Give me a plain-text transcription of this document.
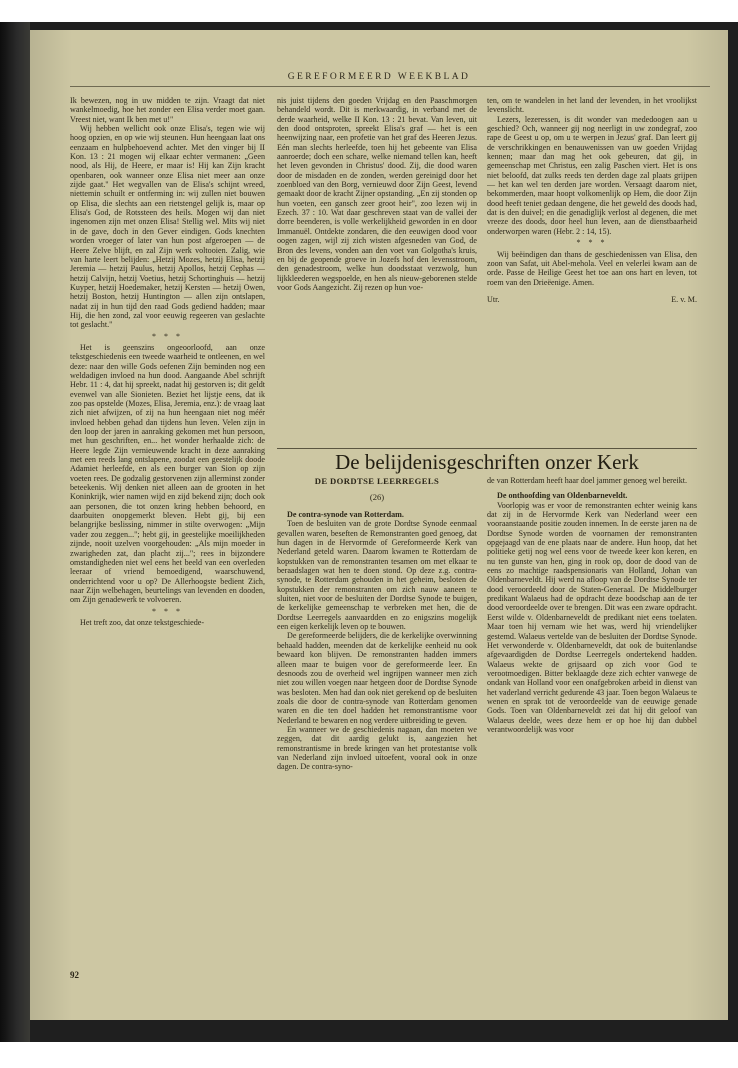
GEREFORMEERD WEEKBLAD

Ik bewezen, nog in uw midden te zijn. Vraagt dat niet wankelmoedig, hoe het zonder een Elisa verder moet gaan. Vreest niet, want Ik ben met u!"

Wij hebben wellicht ook onze Elisa's, tegen wie wij hoog opzien, en op wie wij steunen. Hun heengaan laat ons eenzaam en hulpbehoevend achter. Met den vinger bij II Kon. 13 : 21 mogen wij elkaar echter vermanen: „Geen nood, als Hij, de Heere, er maar is! Hij kan Zijn kracht openbaren, ook wanneer onze Elisa niet meer aan onze zijde gaat." Het wegvallen van de Elisa's schijnt wreed, niettemin schuilt er ontferming in: wij zullen niet bouwen op Elisa, die slechts aan een rietstengel gelijk is, maar op Elisa's God, de Rotssteen des heils. Mogen wij dan niet ingenomen zijn met onzen Elisa! Stellig wel. Mits wij niet in de gave, doch in den Gever eindigen. Gods knechten worden vroeger of later van hun post afgeroepen — de Heere Zelve blijft, en zal Zijn werk voltooien. Zalig, wie van harte leert belijden: „Hetzij Mozes, hetzij Elisa, hetzij Jeremia — hetzij Paulus, hetzij Apollos, hetzij Cephas — hetzij Calvijn, hetzij Voetius, hetzij Schortinghuis — hetzij Kuyper, hetzij Hoedemaker, hetzij Kersten — hetzij Owen, hetzij Boston, hetzij Huntington — allen zijn ontslapen, nadat zij in hun tijd den raad Gods gediend hadden; maar Hij, die hen zond, zal voor eeuwig regeeren van geslachte tot geslacht."

* * *

Het is geenszins ongeoorloofd, aan onze tekstgeschiedenis een tweede waarheid te ontleenen, en wel deze: naar den wille Gods oefenen Zijn beminden nog een weldadigen invloed na hun dood. Aangaande Abel schrijft Hebr. 11 : 4, dat hij spreekt, nadat hij gestorven is; dit geldt evenwel van alle Sionieten. Beziet het lijstje eens, dat ik zoo pas opstelde (Mozes, Elisa, Jeremia, enz.): de vraag laat zich niet afwijzen, of zij na hun heengaan niet nog méér invloed hebben gehad dan tijdens hun leven. Velen zijn in den loop der jaren in aanraking gekomen met hun persoon, met hun geschriften, en... het wonder herhaalde zich: de Heere legde Zijn vernieuwende kracht in deze aanraking met een reeds lang ontslapene, zoodat een geestelijk doode Adamiet herleefde, en als een burger van Sion op zijn voeten rees. De godzalig gestorvenen zijn allerminst zonder beteekenis. Wij denken niet alleen aan de grooten in het Koninkrijk, wier namen wijd en zijd bekend zijn; doch ook aan personen, die tot onzen kring hebben behoord, en daarbuiten onopgemerkt bleven. Hebt gij, bij een belangrijke beslissing, nimmer in stilte overwogen: „Mijn vader zou zeggen..."; hebt gij, in geestelijke moeilijkheden zijnde, nooit uzelven voorgehouden: „Als mijn moeder in zwarigheden zat, dan placht zij..."; rees in bijzondere omstandigheden niet wel eens het beeld van een overleden leeraar of vriend bemoedigend, waarschuwend, onderrichtend voor u op? De Allerhoogste bedient Zich, naar Zijn welbehagen, beurtelings van levenden en dooden, om Zijn genadewerk te volvoeren.

* * *

Het treft zoo, dat onze tekstgeschiede-

nis juist tijdens den goeden Vrijdag en den Paaschmorgen behandeld wordt. Dit is merkwaardig, in verband met de derde waarheid, welke II Kon. 13 : 21 bevat. Van leven, uit den dood ontsproten, spreekt Elisa's graf — het is een heenwijzing naar, een profetie van het graf des Heeren Jezus. Eén man slechts herleefde, toen hij het gebeente van Elisa aanroerde; doch een schare, welke niemand tellen kan, heeft het leven gevonden in Christus' dood. Zij, die dood waren door de misdaden en de zonden, werden gereinigd door het zoenbloed van den Borg, vernieuwd door Zijn Geest, levend gemaakt door de kracht Zijner opstanding. „En zij stonden op hun voeten, een gansch zeer groot heir", zoo lezen wij in Ezech. 37 : 10. Wat daar geschreven staat van de vallei der dorre beenderen, is volle werkelijkheid geworden in en door Immanuël. Ontdekte zondaren, die den eeuwigen dood voor oogen zagen, wijl zij zich wisten afgesneden van God, de Bron des levens, vonden aan den voet van Golgotha's kruis, en bij de geopende groeve in Jozefs hof den levensstroom, den genadestroom, welke hun doodsstaat verzwolg, hun lijkkleederen wegspoelde, en hen als nieuw-geborenen stelde voor Gods Aangezicht. Zij rezen op hun voe-

ten, om te wandelen in het land der levenden, in het vroolijkst levenslicht.

Lezers, lezeressen, is dit wonder van mededoogen aan u geschied? Och, wanneer gij nog neerligt in uw zondegraf, zoo rape de Geest u op, om u te werpen in Jezus' graf. Dan leert gij de verschrikkingen en benauwenissen van uw goeden Vrijdag kennen; maar dan mag het ook gebeuren, dat gij, in gemeenschap met Christus, een zalig Paschen viert. Het is ons niet beloofd, dat zulks reeds ten derden dage zal plaats grijpen — het kan wel ten derden jare worden. Versaagt daarom niet, bekommerden, maar hoopt volkomenlijk op Hem, die door Zijn dood heeft teniet gedaan dengene, die het geweld des doods had, dat is den duivel; en die genadiglijk verlost al degenen, die met vreeze des doods, door heel hun leven, aan de dienstbaarheid onderworpen waren (Hebr. 2 : 14, 15).

* * *

Wij beëindigen dan thans de geschiedenissen van Elisa, den zoon van Safat, uit Abel-mehola. Veel en velerlei kwam aan de orde. Passe de Heilige Geest het toe aan ons hart en leven, tot roem van den Drieëenige. Amen.

Utr.	E. v. M.
De belijdenisgeschriften onzer Kerk
DE DORDTSE LEERREGELS
(26)

De contra-synode van Rotterdam.

Toen de besluiten van de grote Dordtse Synode eenmaal gevallen waren, beseften de Remonstranten goed genoeg, dat hun dagen in de Hervormde of Gereformeerde Kerk van Nederland geteld waren. Daarom kwamen te Rotterdam de kopstukken van de remonstranten tesamen om met elkaar te beraadslagen wat hen te doen stond. Op deze z.g. contra-synode, te Rotterdam gehouden in het geheim, besloten de kopstukken der remonstranten om zich nauw aaneen te sluiten, niet voor de besluiten der Dordtse Synode te buigen, de kerkelijke gemeenschap te verbreken met hen, die de Dordtse Leerregels aanvaardden en zo enigszins mogelijk een eigen kerkelijk leven op te bouwen.

De gereformeerde belijders, die de kerkelijke overwinning behaald hadden, meenden dat de kerkelijke eenheid nu ook bewaard kon blijven. De remonstranten hadden immers alleen maar te buigen voor de gereformeerde leer. En desnoods zou de overheid wel ingrijpen wanneer men zich niet zou willen voegen naar hetgeen door de Dordtse Synode was besloten. Men had dan ook niet gerekend op de besluiten zoals die door de contra-synode van Rotterdam genomen waren en die ten doel hadden het remonstrantisme voor Nederland te bewaren en nog verdere uitbreiding te geven.

En wanneer we de geschiedenis nagaan, dan moeten we zeggen, dat dit aardig gelukt is, aangezien het remonstrantisme in brede kringen van het protestantse volk van Nederland zijn invloed uitoefent, vooral ook in onze dagen. De contra-syno-

de van Rotterdam heeft haar doel jammer genoeg wel bereikt.

De onthoofding van Oldenbarneveldt.

Voorlopig was er voor de remonstranten echter weinig kans dat zij in de Hervormde Kerk van Nederland weer een vooraanstaande positie zouden innemen. In de eerste jaren na de Dordtse Synode worden de voornamen der remonstranten opgejaagd van de ene plaats naar de andere. Hun hoop, dat het politieke getij nog wel eens voor de tweede keer kon keren, en nu ten gunste van hen, ging in rook op, door de dood van de eens zo machtige raadspensionaris van Holland, Johan van Oldenbarneveldt. Hij werd na afloop van de Dordtse Synode ter dood veroordeeld door de Staten-Generaal. De Middelburger predikant Walaeus had de opdracht deze boodschap aan de ter dood veroordeelde over te brengen. Dit was een zware opdracht. Eerst wilde v. Oldenbarneveldt de predikant niet eens toelaten. Maar toen hij vernam wie het was, werd hij vriendelijker gestemd. Walaeus vertelde van de besluiten der Dordtse Synode. Het verwonderde v. Oldenbarneveldt, dat ook de buitenlandse afgevaardigden de Dordtse Leerregels ondertekend hadden. Walaeus wekte de grijsaard op zich voor God te verootmoedigen. Bitter beklaagde deze zich echter vanwege de ondank van Holland voor een onafgebroken arbeid in dienst van het vaderland verricht gedurende 43 jaar. Toen begon Walaeus te wenen en sprak tot de veroordeelde van de eeuwige genade Gods. Toen van Oldenbarneveldt zei dat hij dit geloof van Walaeus deelde, wees deze hem er op hoe hij dan dubbel verantwoordelijk was voor

92
